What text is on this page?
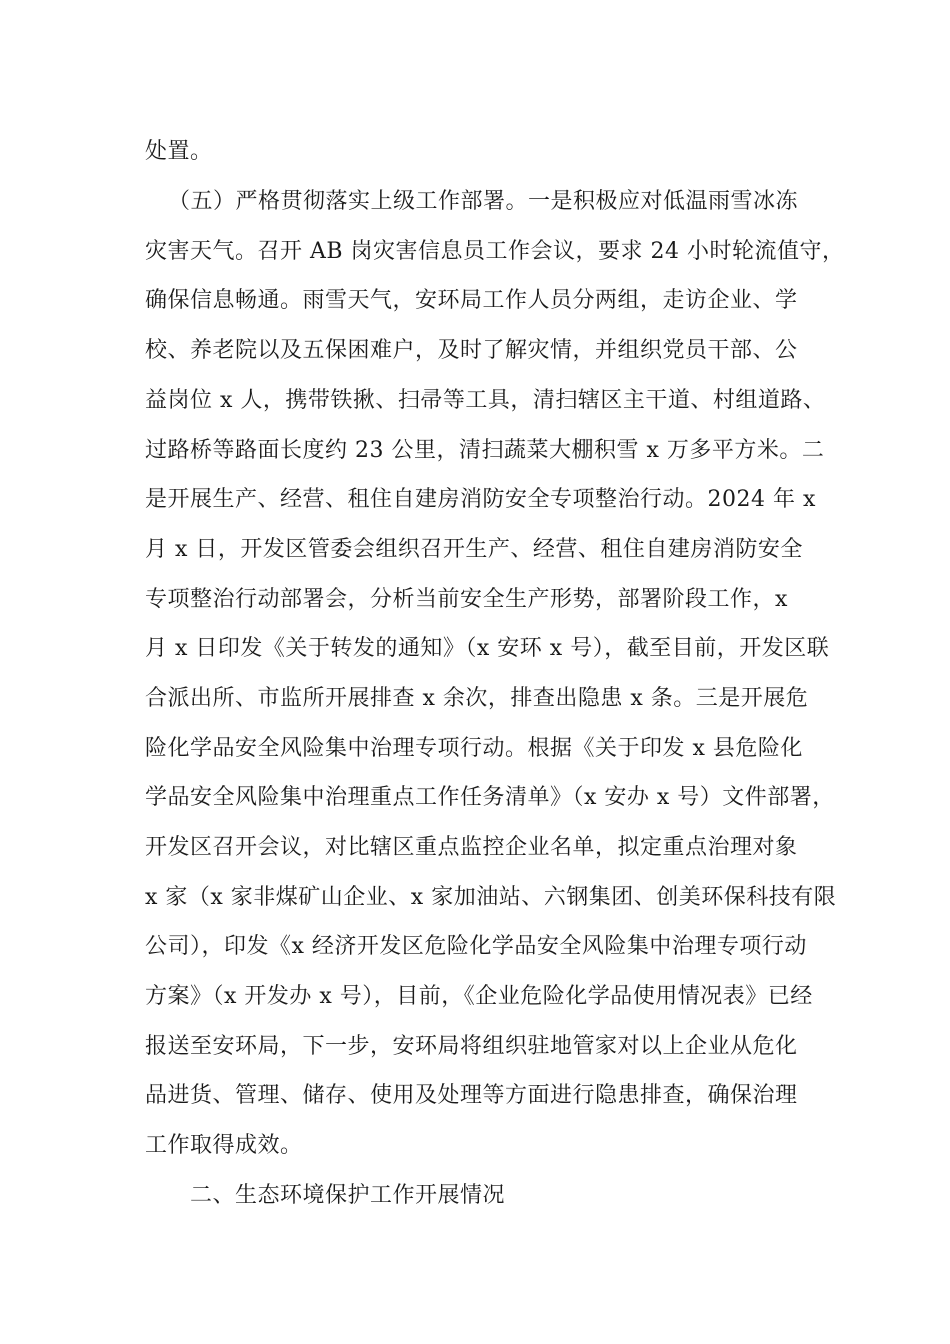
处置。
（五）严格贯彻落实上级工作部署。一是积极应对低温雨雪冰冻
灾害天气。召开 AB 岗灾害信息员工作会议，要求 24 小时轮流值守，
确保信息畅通。雨雪天气，安环局工作人员分两组，走访企业、学
校、养老院以及五保困难户，及时了解灾情，并组织党员干部、公
益岗位 x 人，携带铁揪、扫帚等工具，清扫辖区主干道、村组道路、
过路桥等路面长度约 23 公里，清扫蔬菜大棚积雪 x 万多平方米。二
是开展生产、经营、租住自建房消防安全专项整治行动。2024 年 x
月 x 日，开发区管委会组织召开生产、经营、租住自建房消防安全
专项整治行动部署会，分析当前安全生产形势，部署阶段工作，x
月 x 日印发《关于转发的通知》（x 安环 x 号），截至目前，开发区联
合派出所、市监所开展排查 x 余次，排查出隐患 x 条。三是开展危
险化学品安全风险集中治理专项行动。根据《关于印发 x 县危险化
学品安全风险集中治理重点工作任务清单》（x 安办 x 号）文件部署，
开发区召开会议，对比辖区重点监控企业名单，拟定重点治理对象
x 家（x 家非煤矿山企业、x 家加油站、六钢集团、创美环保科技有限
公司），印发《x 经济开发区危险化学品安全风险集中治理专项行动
方案》（x 开发办 x 号），目前，《企业危险化学品使用情况表》已经
报送至安环局，下一步，安环局将组织驻地管家对以上企业从危化
品进货、管理、储存、使用及处理等方面进行隐患排查，确保治理
工作取得成效。
二、生态环境保护工作开展情况
